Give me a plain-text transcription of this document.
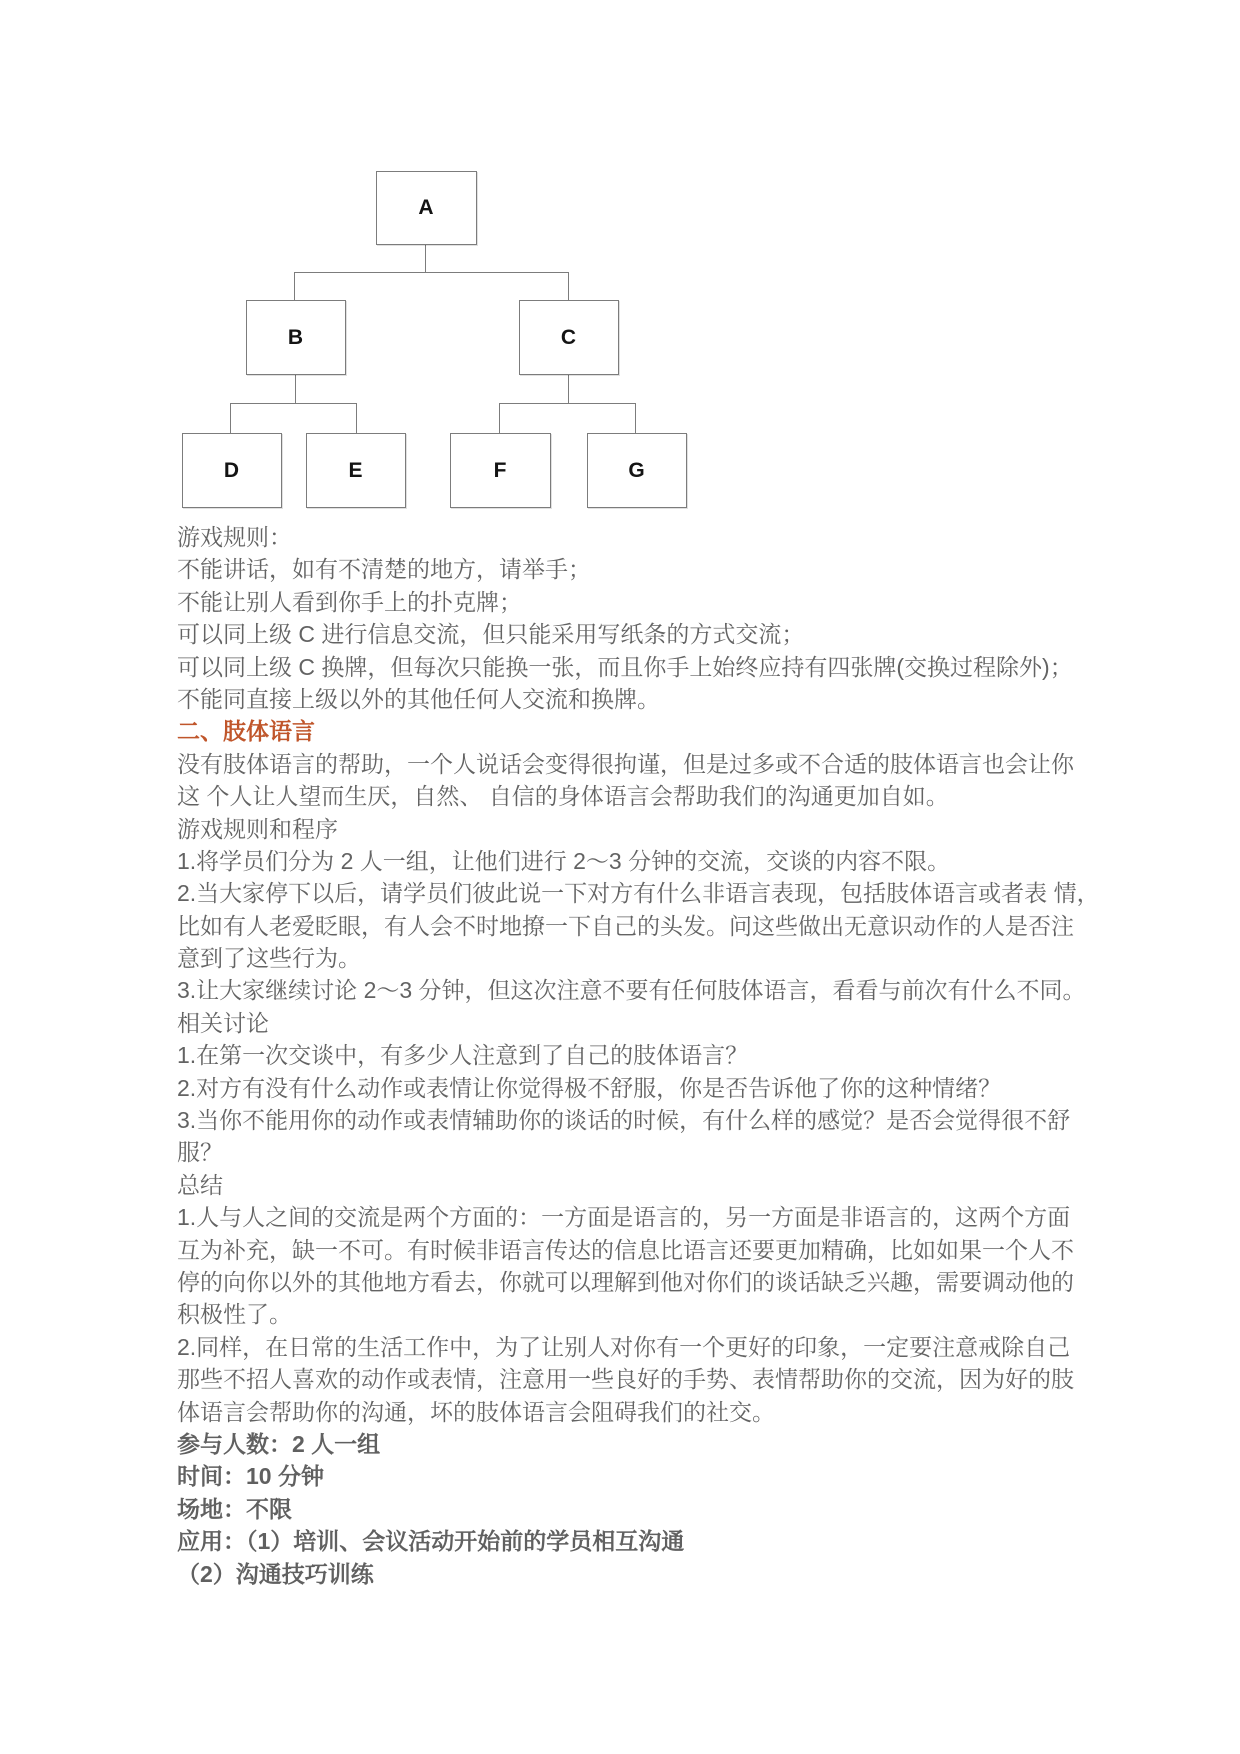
A
B	C
D	E	F	G
游戏规则：
不能讲话，如有不清楚的地方，请举手；
不能让别人看到你手上的扑克牌；
可以同上级 C 进行信息交流，但只能采用写纸条的方式交流；
可以同上级 C 换牌，但每次只能换一张，而且你手上始终应持有四张牌(交换过程除外)；
不能同直接上级以外的其他任何人交流和换牌。
二、肢体语言
没有肢体语言的帮助，一个人说话会变得很拘谨，但是过多或不合适的肢体语言也会让你
这 个人让人望而生厌，自然、 自信的身体语言会帮助我们的沟通更加自如。
游戏规则和程序
1.将学员们分为 2 人一组，让他们进行 2～3 分钟的交流，交谈的内容不限。
2.当大家停下以后，请学员们彼此说一下对方有什么非语言表现，包括肢体语言或者表 情，
比如有人老爱眨眼，有人会不时地撩一下自己的头发。问这些做出无意识动作的人是否注
意到了这些行为。
3.让大家继续讨论 2～3 分钟，但这次注意不要有任何肢体语言，看看与前次有什么不同。
相关讨论
1.在第一次交谈中，有多少人注意到了自己的肢体语言？
2.对方有没有什么动作或表情让你觉得极不舒服，你是否告诉他了你的这种情绪？
3.当你不能用你的动作或表情辅助你的谈话的时候，有什么样的感觉？是否会觉得很不舒
服？
总结
1.人与人之间的交流是两个方面的：一方面是语言的，另一方面是非语言的，这两个方面
互为补充，缺一不可。有时候非语言传达的信息比语言还要更加精确，比如如果一个人不
停的向你以外的其他地方看去，你就可以理解到他对你们的谈话缺乏兴趣，需要调动他的
积极性了。
2.同样，在日常的生活工作中，为了让别人对你有一个更好的印象，一定要注意戒除自己
那些不招人喜欢的动作或表情，注意用一些良好的手势、表情帮助你的交流，因为好的肢
体语言会帮助你的沟通，坏的肢体语言会阻碍我们的社交。
参与人数：2 人一组
时间：10 分钟
场地：不限
应用：（1）培训、会议活动开始前的学员相互沟通
（2）沟通技巧训练
